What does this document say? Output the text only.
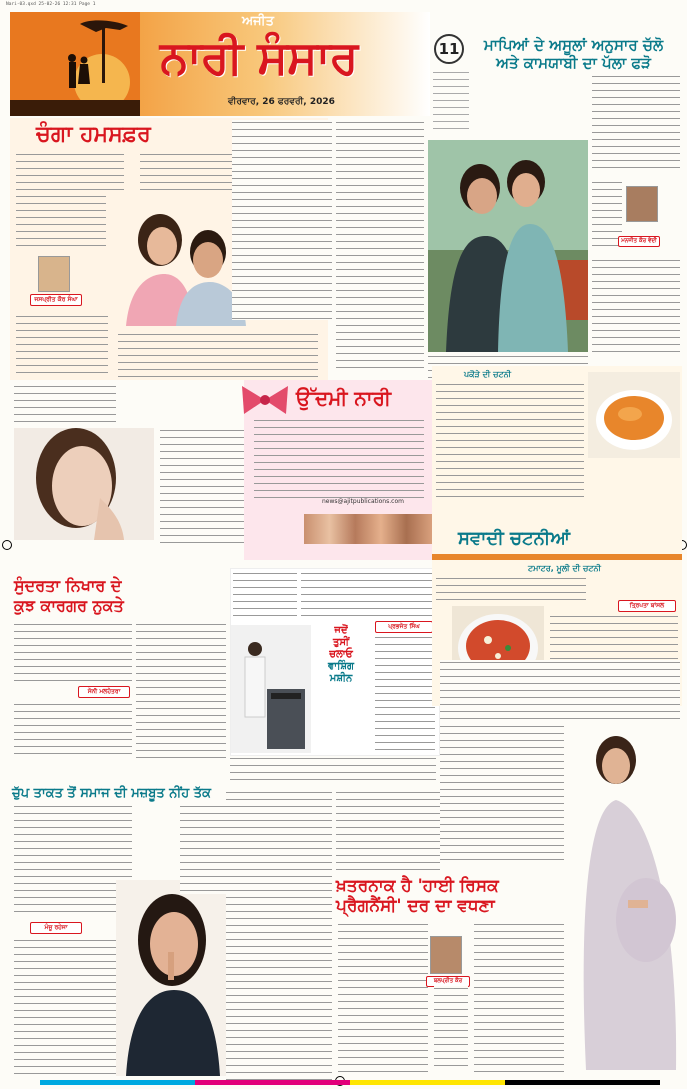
Nari-03.qxd 25-02-26 12:31 Page 1
ਅਜੀਤ
ਨਾਰੀ ਸੰਸਾਰ
ਵੀਰਵਾਰ, 26 ਫਰਵਰੀ, 2026
11	ਮਾਪਿਆਂ ਦੇ ਅਸੂਲਾਂ ਅਨੁਸਾਰ ਚੱਲੋ
ਅਤੇ ਕਾਮਯਾਬੀ ਦਾ ਪੱਲਾ ਫੜੋ
ਚੰਗਾ ਹਮਸਫ਼ਰ
ਜਸਪ੍ਰੀਤ ਕੌਰ ਸੰਘਾ
ਮਨਜੀਤ ਕੌਰ ਵੇਦੀ
ਉੱਦਮੀ ਨਾਰੀ
news@ajitpublications.com
ਸੁੰਦਰਤਾ ਨਿਖਾਰ ਦੇ
ਕੁਝ ਕਾਰਗਰ ਨੁਕਤੇ
ਸੋਨੀ ਮਲਹੋਤਰਾ
ਜਦੋਂ
ਤੁਸੀਂ
ਚਲਾਓ
ਵਾਸ਼ਿੰਗ
ਮਸ਼ੀਨ
ਪ੍ਰਭਜੋਤ ਸਿੰਘ
ਪਕੌੜੇ ਦੀ ਚਟਨੀ
ਸਵਾਦੀ ਚਟਨੀਆਂ
ਟਮਾਟਰ, ਮੂਲੀ ਦੀ ਚਟਨੀ
ਤ੍ਰਿਪਤਾ ਬਾਂਸਲ
ਚੁੱਪ ਤਾਕਤ ਤੋਂ ਸਮਾਜ ਦੀ ਮਜ਼ਬੂਤ ਨੀਂਹ ਤੱਕ
ਮੰਜੂ ਰਹੇਜਾ
ਖ਼ਤਰਨਾਕ ਹੈ 'ਹਾਈ ਰਿਸਕ
ਪ੍ਰੈਗਨੈਂਸੀ' ਦਰ ਦਾ ਵਧਣਾ
ਬਲਪ੍ਰੀਤ ਕੌਰ
